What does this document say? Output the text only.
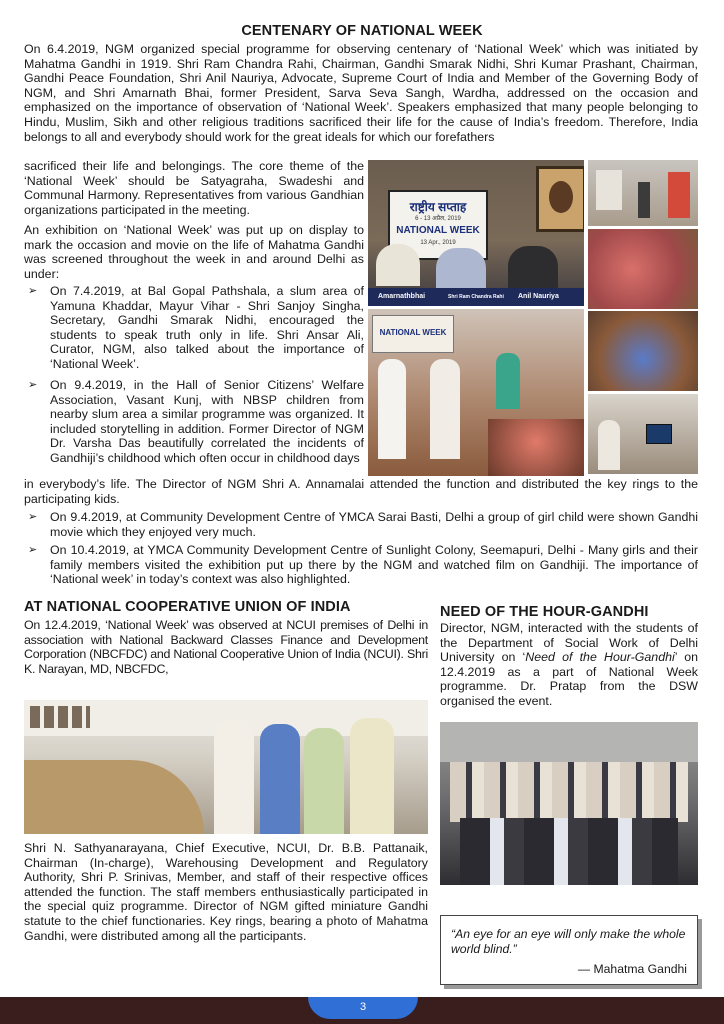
CENTENARY OF NATIONAL WEEK

On 6.4.2019, NGM organized special programme for observing centenary of ‘National Week’ which was initiated by Mahatma Gandhi in 1919. Shri Ram Chandra Rahi, Chairman, Gandhi Smarak Nidhi, Shri Kumar Prashant, Chairman, Gandhi Peace Foundation, Shri Anil Nauriya, Advocate, Supreme Court of India and Member of the Governing Body of NGM, and Shri Amarnath Bhai, former President, Sarva Seva Sangh, Wardha, addressed on the occasion and emphasized on the importance of observation of ‘National Week’. Speakers emphasized that many people belonging to Hindu, Muslim, Sikh and other religious traditions sacrificed their life for the cause of India’s freedom. Therefore, India belongs to all and everybody should work for the great ideals for which our forefathers

sacrificed their life and belongings. The core theme of the ‘National Week’ should be Satyagraha, Swadeshi and Communal Harmony. Representatives from various Gandhian organizations participated in the meeting.

An exhibition on ‘National Week’ was put up on display to mark the occasion and movie on the life of Mahatma Gandhi was screened throughout the week in and around Delhi as under:

➢	On 7.4.2019, at Bal Gopal Pathshala, a slum area of Yamuna Khaddar, Mayur Vihar - Shri Sanjoy Singha, Secretary, Gandhi Smarak Nidhi, encouraged the students to speak truth only in life. Shri Ansar Ali, Curator, NGM, also talked about the importance of ‘National Week’.
➢	On 9.4.2019, in the Hall of Senior Citizens’ Welfare Association, Vasant Kunj, with NBSP children from nearby slum area a similar programme was organized. It included storytelling in addition. Former Director of NGM Dr. Varsha Das beautifully correlated the incidents of Gandhiji’s childhood which often occur in childhood days

in everybody’s life. The Director of NGM Shri A. Annamalai attended the function and distributed the key rings to the participating kids.

➢	On 9.4.2019, at Community Development Centre of YMCA Sarai Basti, Delhi a group of girl child were shown Gandhi movie which they enjoyed very much.
➢	On 10.4.2019, at YMCA Community Development Centre of Sunlight Colony, Seemapuri, Delhi - Many girls and their family members visited the exhibition put up there by the NGM and watched film on Gandhiji. The importance of ‘National week’ in today’s context was also highlighted.
राष्ट्रीय सप्ताह
6 - 13 अप्रैल, 2019
NATIONAL WEEK
13 Apr., 2019
Amarnathbhai	Shri Ram Chandra Rahi Anil Nauriya
NATIONAL WEEK
AT NATIONAL COOPERATIVE UNION OF INDIA

On 12.4.2019, ‘National Week’ was observed at NCUI premises of Delhi in association with National Backward Classes Finance and Development Corporation (NBCFDC) and National Cooperative Union of India (NCUI). Shri K. Narayan, MD, NBCFDC,

Shri N. Sathyanarayana, Chief Executive, NCUI, Dr. B.B. Pattanaik, Chairman (In-charge), Warehousing Development and Regulatory Authority, Shri P. Srinivas, Member, and staff of their respective offices attended the function. The staff members enthusiastically participated in the special quiz programme. Director of NGM gifted miniature Gandhi statute to the chief functionaries. Key rings, bearing a photo of Mahatma Gandhi, were distributed among all the participants.

NEED OF THE HOUR-GANDHI

Director, NGM, interacted with the students of the Department of Social Work of Delhi University on ‘Need of the Hour-Gandhi’ on 12.4.2019 as a part of National Week programme. Dr. Pratap from the DSW organised the event.

“An eye for an eye will only make the whole world blind.”

— Mahatma Gandhi

3
